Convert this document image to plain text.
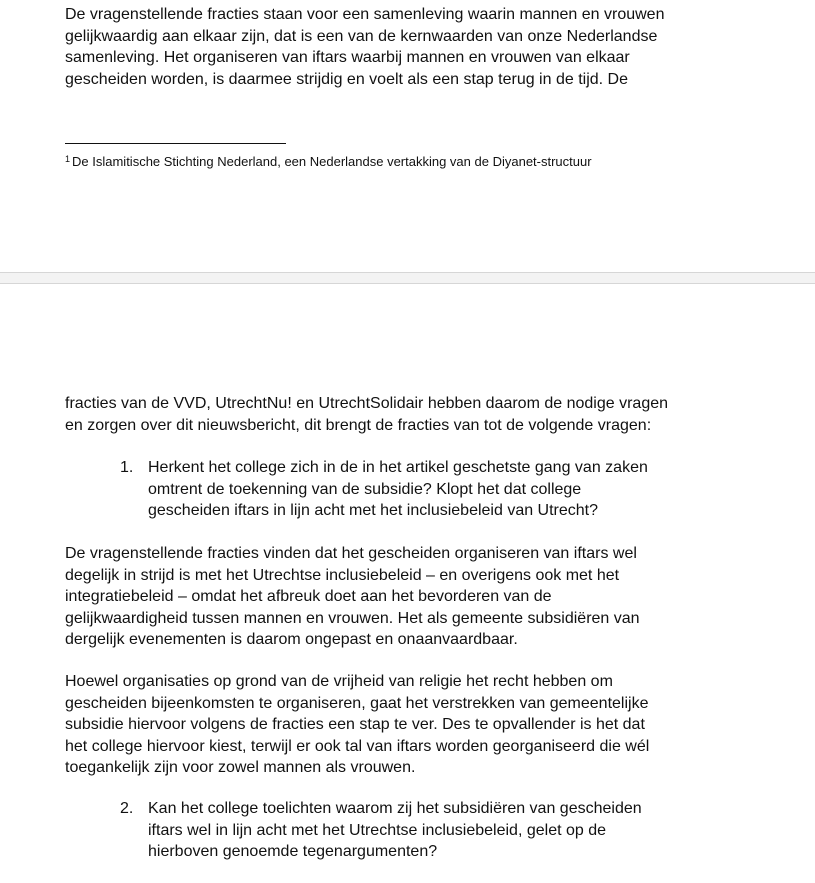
De vragenstellende fracties staan voor een samenleving waarin mannen en vrouwen
gelijkwaardig aan elkaar zijn, dat is een van de kernwaarden van onze Nederlandse
samenleving. Het organiseren van iftars waarbij mannen en vrouwen van elkaar
gescheiden worden, is daarmee strijdig en voelt als een stap terug in de tijd. De

$^1$ De Islamitische Stichting Nederland, een Nederlandse vertakking van de Diyanet-structuur

fracties van de VVD, UtrechtNu! en UtrechtSolidair hebben daarom de nodige vragen
en zorgen over dit nieuwsbericht, dit brengt de fracties van tot de volgende vragen:

1. Herkent het college zich in de in het artikel geschetste gang van zaken
omtrent de toekenning van de subsidie? Klopt het dat college
gescheiden iftars in lijn acht met het inclusiebeleid van Utrecht?

De vragenstellende fracties vinden dat het gescheiden organiseren van iftars wel
degelijk in strijd is met het Utrechtse inclusiebeleid – en overigens ook met het
integratiebeleid – omdat het afbreuk doet aan het bevorderen van de
gelijkwaardigheid tussen mannen en vrouwen. Het als gemeente subsidiëren van
dergelijk evenementen is daarom ongepast en onaanvaardbaar.

Hoewel organisaties op grond van de vrijheid van religie het recht hebben om
gescheiden bijeenkomsten te organiseren, gaat het verstrekken van gemeentelijke
subsidie hiervoor volgens de fracties een stap te ver. Des te opvallender is het dat
het college hiervoor kiest, terwijl er ook tal van iftars worden georganiseerd die wél
toegankelijk zijn voor zowel mannen als vrouwen.

2. Kan het college toelichten waarom zij het subsidiëren van gescheiden
iftars wel in lijn acht met het Utrechtse inclusiebeleid, gelet op de
hierboven genoemde tegenargumenten?
